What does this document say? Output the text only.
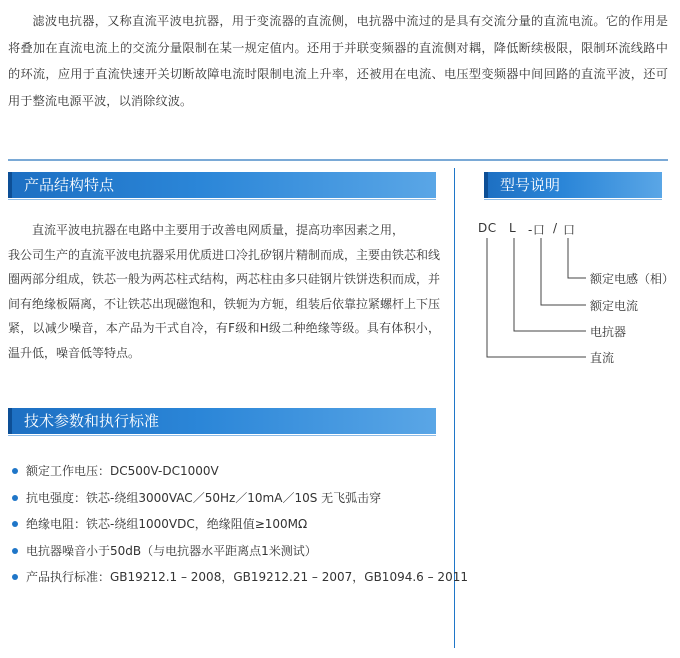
滤波电抗器，又称直流平波电抗器，用于变流器的直流侧，电抗器中流过的是具有交流分量的直流电流。它的作用是将叠加在直流电流上的交流分量限制在某一规定值内。还用于并联变频器的直流侧对耦，降低断续极限，限制环流线路中的环流，应用于直流快速开关切断故障电流时限制电流上升率，还被用在电流、电压型变频器中间回路的直流平波，还可用于整流电源平波，以消除纹波。
产品结构特点

直流平波电抗器在电路中主要用于改善电网质量，提高功率因素之用，

我公司生产的直流平波电抗器采用优质进口冷扎矽钢片精制而成，主要由铁芯和线圈两部分组成，铁芯一般为两芯柱式结构，两芯柱由多只硅钢片铁饼迭积而成，并间有绝缘板隔离，不让铁芯出现磁饱和，铁轭为方轭，组装后依靠拉紧螺杆上下压紧，以减少噪音，本产品为干式自冷，有F级和H级二种绝缘等级。具有体积小，温升低，噪音低等特点。

型号说明
DC L -口 / 口
额定电感（相）
额定电流
电抗器
直流
技术参数和执行标准
额定工作电压：DC500V-DC1000V
抗电强度：铁芯-绕组3000VAC／50Hz／10mA／10S 无飞弧击穿
绝缘电阻：铁芯-绕组1000VDC，绝缘阻值≥100MΩ
电抗器噪音小于50dB（与电抗器水平距离点1米测试）
产品执行标准：GB19212.1 – 2008，GB19212.21 – 2007，GB1094.6 – 2011
